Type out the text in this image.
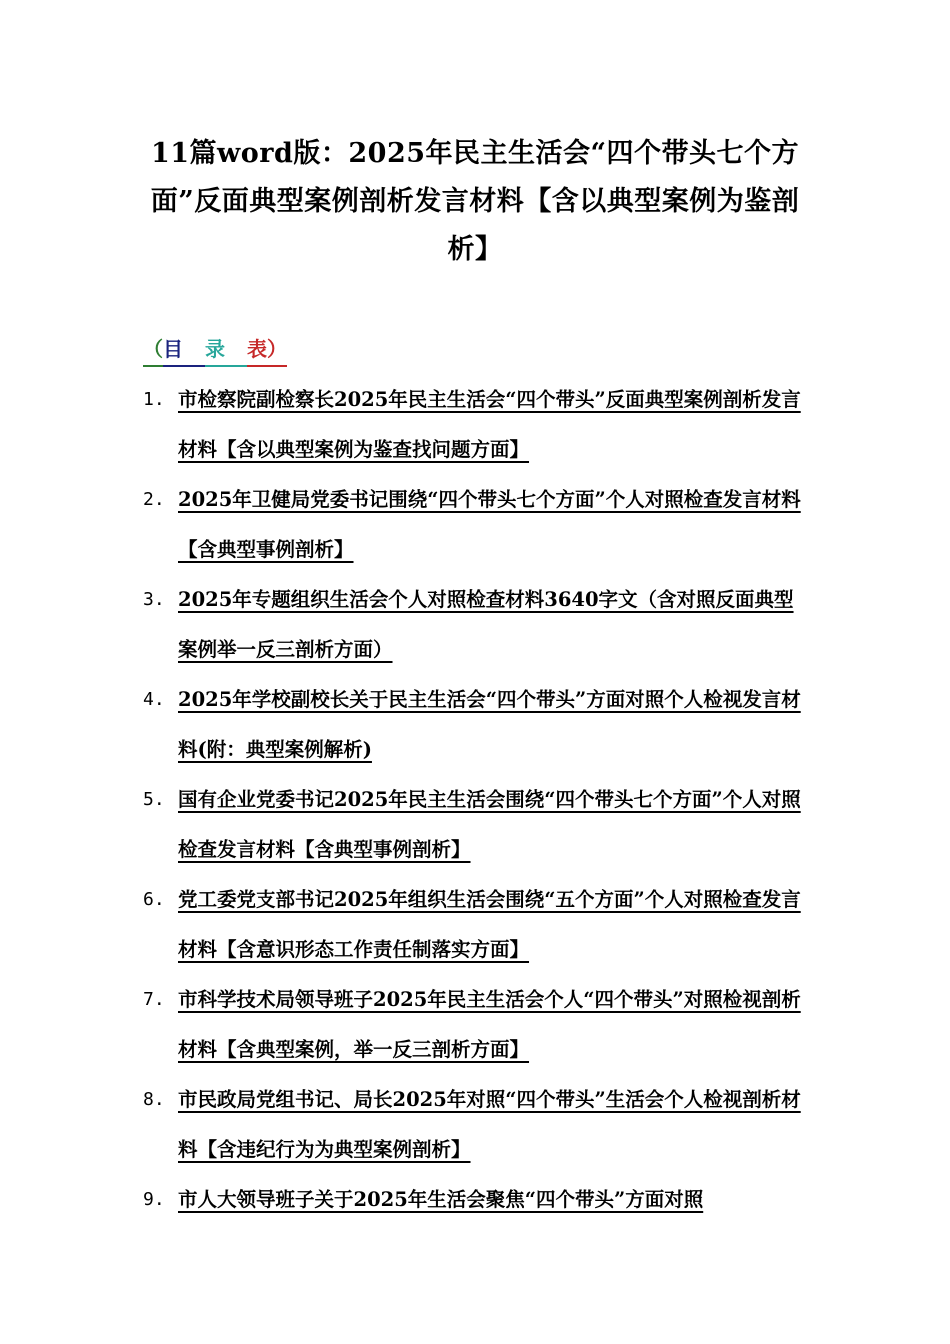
11篇word版：2025年民主生活会“四个带头七个方面”反面典型案例剖析发言材料【含以典型案例为鉴剖析】
（目 录 表）
1. 市检察院副检察长2025年民主生活会“四个带头”反面典型案例剖析发言材料【含以典型案例为鉴查找问题方面】
2. 2025年卫健局党委书记围绕“四个带头七个方面”个人对照检查发言材料【含典型事例剖析】
3. 2025年专题组织生活会个人对照检查材料3640字文（含对照反面典型案例举一反三剖析方面）
4. 2025年学校副校长关于民主生活会“四个带头”方面对照个人检视发言材料(附：典型案例解析)
5. 国有企业党委书记2025年民主生活会围绕“四个带头七个方面”个人对照检查发言材料【含典型事例剖析】
6. 党工委党支部书记2025年组织生活会围绕“五个方面”个人对照检查发言材料【含意识形态工作责任制落实方面】
7. 市科学技术局领导班子2025年民主生活会个人“四个带头”对照检视剖析材料【含典型案例，举一反三剖析方面】
8. 市民政局党组书记、局长2025年对照“四个带头”生活会个人检视剖析材料【含违纪行为为典型案例剖析】
9. 市人大领导班子关于2025年生活会聚焦“四个带头”方面对照
